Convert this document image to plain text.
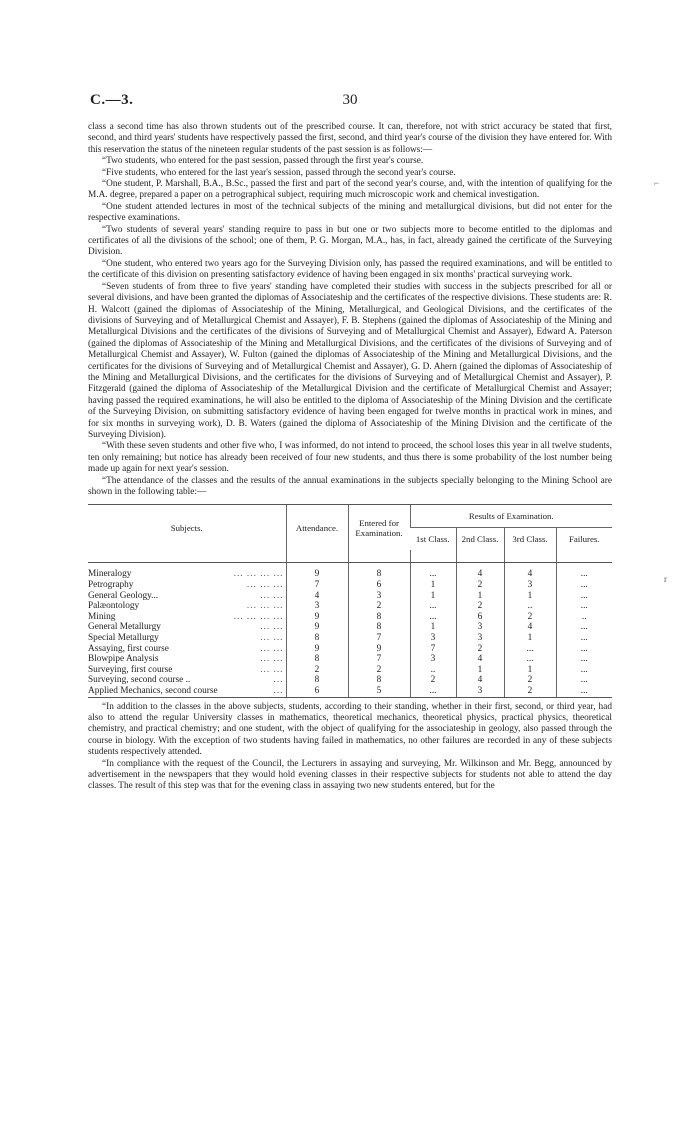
C.—3.	30

class a second time has also thrown students out of the prescribed course. It can, therefore, not with strict accuracy be stated that first, second, and third years' students have respectively passed the first, second, and third year's course of the division they have entered for. With this reservation the status of the nineteen regular students of the past session is as follows:—

“Two students, who entered for the past session, passed through the first year's course.

“Five students, who entered for the last year's session, passed through the second year's course.

“One student, P. Marshall, B.A., B.Sc., passed the first and part of the second year's course, and, with the intention of qualifying for the M.A. degree, prepared a paper on a petrographical subject, requiring much microscopic work and chemical investigation.

“One student attended lectures in most of the technical subjects of the mining and metallurgical divisions, but did not enter for the respective examinations.

“Two students of several years' standing require to pass in but one or two subjects more to become entitled to the diplomas and certificates of all the divisions of the school; one of them, P. G. Morgan, M.A., has, in fact, already gained the certificate of the Surveying Division.

“One student, who entered two years ago for the Surveying Division only, has passed the required examinations, and will be entitled to the certificate of this division on presenting satisfactory evidence of having been engaged in six months' practical surveying work.

“Seven students of from three to five years' standing have completed their studies with success in the subjects prescribed for all or several divisions, and have been granted the diplomas of Associateship and the certificates of the respective divisions. These students are: R. H. Walcott (gained the diplomas of Associateship of the Mining, Metallurgical, and Geological Divisions, and the certificates of the divisions of Surveying and of Metallurgical Chemist and Assayer), F. B. Stephens (gained the diplomas of Associateship of the Mining and Metallurgical Divisions and the certificates of the divisions of Surveying and of Metallurgical Chemist and Assayer), Edward A. Paterson (gained the diplomas of Associateship of the Mining and Metallurgical Divisions, and the certificates of the divisions of Surveying and of Metallurgical Chemist and Assayer), W. Fulton (gained the diplomas of Associateship of the Mining and Metallurgical Divisions, and the certificates for the divisions of Surveying and of Metallurgical Chemist and Assayer), G. D. Ahern (gained the diplomas of Associateship of the Mining and Metallurgical Divisions, and the certificates for the divisions of Surveying and of Metallurgical Chemist and Assayer), P. Fitzgerald (gained the diploma of Associateship of the Metallurgical Division and the certificate of Metallurgical Chemist and Assayer; having passed the required examinations, he will also be entitled to the diploma of Associateship of the Mining Division and the certificate of the Surveying Division, on submitting satisfactory evidence of having been engaged for twelve months in practical work in mines, and for six months in surveying work), D. B. Waters (gained the diploma of Associateship of the Mining Division and the certificate of the Surveying Division).

“With these seven students and other five who, I was informed, do not intend to proceed, the school loses this year in all twelve students, ten only remaining; but notice has already been received of four new students, and thus there is some probability of the lost number being made up again for next year's session.

“The attendance of the classes and the results of the annual examinations in the subjects specially belonging to the Mining School are shown in the following table:—

Subjects.	Attendance.	Entered for Examination.	Results of Examination.			
			1st Class.	2nd Class.	3rd Class.	Failures.

Mineralogy ... ... ... ...	9	8	...	4	4	...

Petrography ... ... ...	7	6	1	2	3	...

General Geology... ... ...	4	3	1	1	1	...

Palæontology ... ... ...	3	2	...	2	..	...

Mining ... ... ... ...	9	8	...	6	2	..

General Metallurgy ... ...	9	8	1	3	4	...

Special Metallurgy ... ...	8	7	3	3	1	...

Assaying, first course ... ...	9	9	7	2	...	...

Blowpipe Analysis ... ...	8	7	3	4	...	...

Surveying, first course ... ...	2	2	..	1	1	...

Surveying, second course .. ...	8	8	2	4	2	...

Applied Mechanics, second course ...	6	5	...	3	2	...

“In addition to the classes in the above subjects, students, according to their standing, whether in their first, second, or third year, had also to attend the regular University classes in mathematics, theoretical mechanics, theoretical physics, practical physics, theoretical chemistry, and practical chemistry; and one student, with the object of qualifying for the associateship in geology, also passed through the course in biology. With the exception of two students having failed in mathematics, no other failures are recorded in any of these subjects students respectively attended.

“In compliance with the request of the Council, the Lecturers in assaying and surveying, Mr. Wilkinson and Mr. Begg, announced by advertisement in the newspapers that they would hold evening classes in their respective subjects for students not able to attend the day classes. The result of this step was that for the evening class in assaying two new students entered, but for the

⌐
r
